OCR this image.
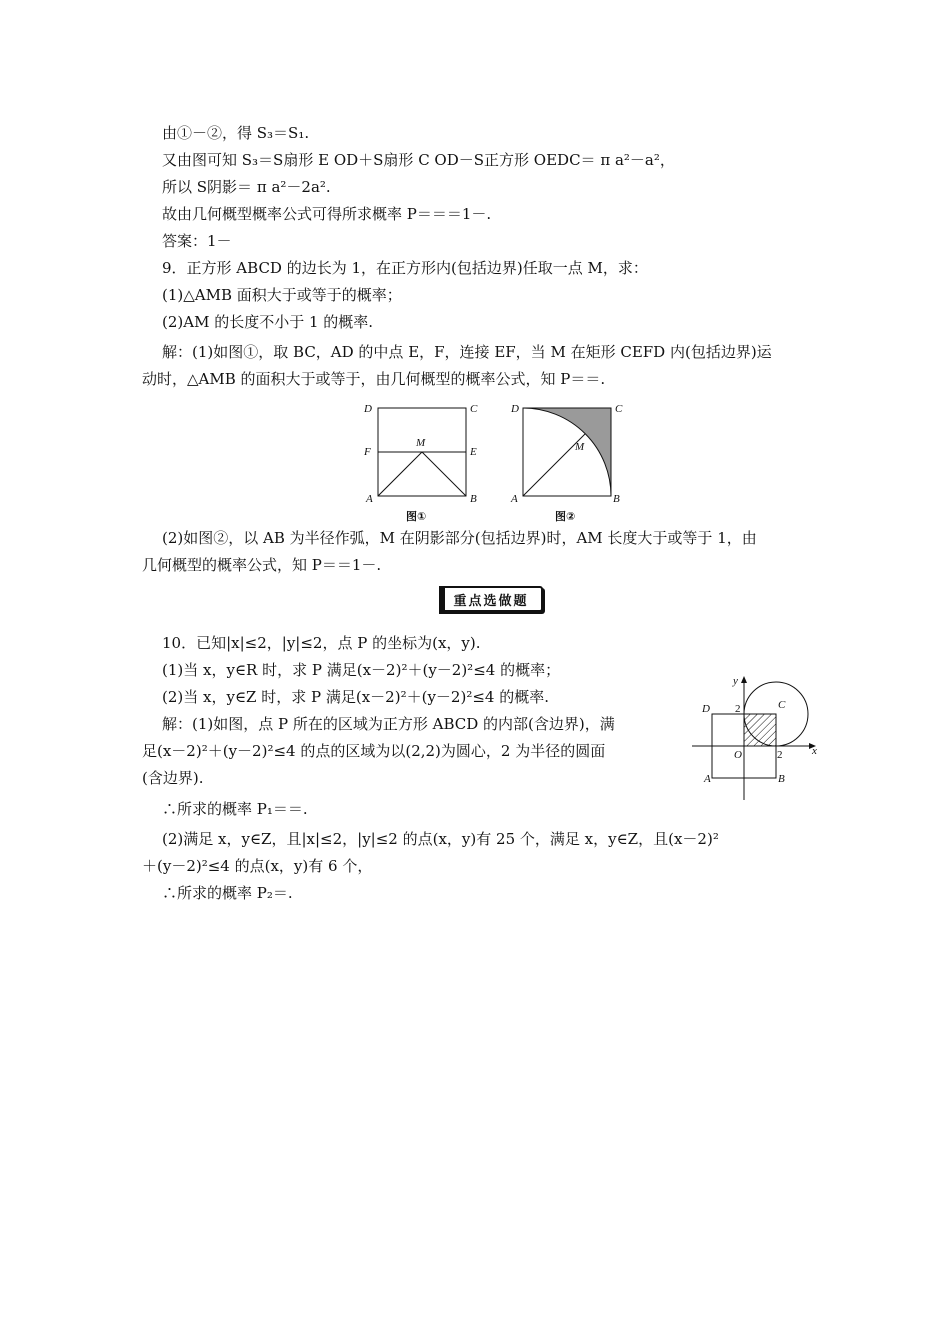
由①－②，得 S₃＝S₁.
又由图可知 S₃＝S扇形 E OD＋S扇形 C OD－S正方形 OEDC＝ π a²－a²，
所以 S阴影＝ π a²－2a².
故由几何概型概率公式可得所求概率 P＝＝＝1－.
答案：1－
9．正方形 ABCD 的边长为 1，在正方形内(包括边界)任取一点 M，求：
(1)△AMB 面积大于或等于的概率；
(2)AM 的长度不小于 1 的概率.
解：(1)如图①，取 BC，AD 的中点 E，F，连接 EF，当 M 在矩形 CEFD 内(包括边界)运
动时，△AMB 的面积大于或等于，由几何概型的概率公式，知 P＝＝.
D	C
F
M
E
A	B
图①
D	C
M
A	B
图②
(2)如图②，以 AB 为半径作弧，M 在阴影部分(包括边界)时，AM 长度大于或等于 1，由
几何概型的概率公式，知 P＝＝1－.
重点选做题
10．已知|x|≤2，|y|≤2，点 P 的坐标为(x，y).
(1)当 x，y∈R 时，求 P 满足(x－2)²＋(y－2)²≤4 的概率；
(2)当 x，y∈Z 时，求 P 满足(x－2)²＋(y－2)²≤4 的概率.
解：(1)如图，点 P 所在的区域为正方形 ABCD 的内部(含边界)，满
足(x－2)²＋(y－2)²≤4 的点的区域为以(2,2)为圆心，2 为半径的圆面
(含边界).
y
D 2	C
O	2	x
A	B
∴所求的概率 P₁＝＝.
(2)满足 x，y∈Z，且|x|≤2，|y|≤2 的点(x，y)有 25 个，满足 x，y∈Z，且(x－2)²
＋(y－2)²≤4 的点(x，y)有 6 个，
∴所求的概率 P₂＝.
